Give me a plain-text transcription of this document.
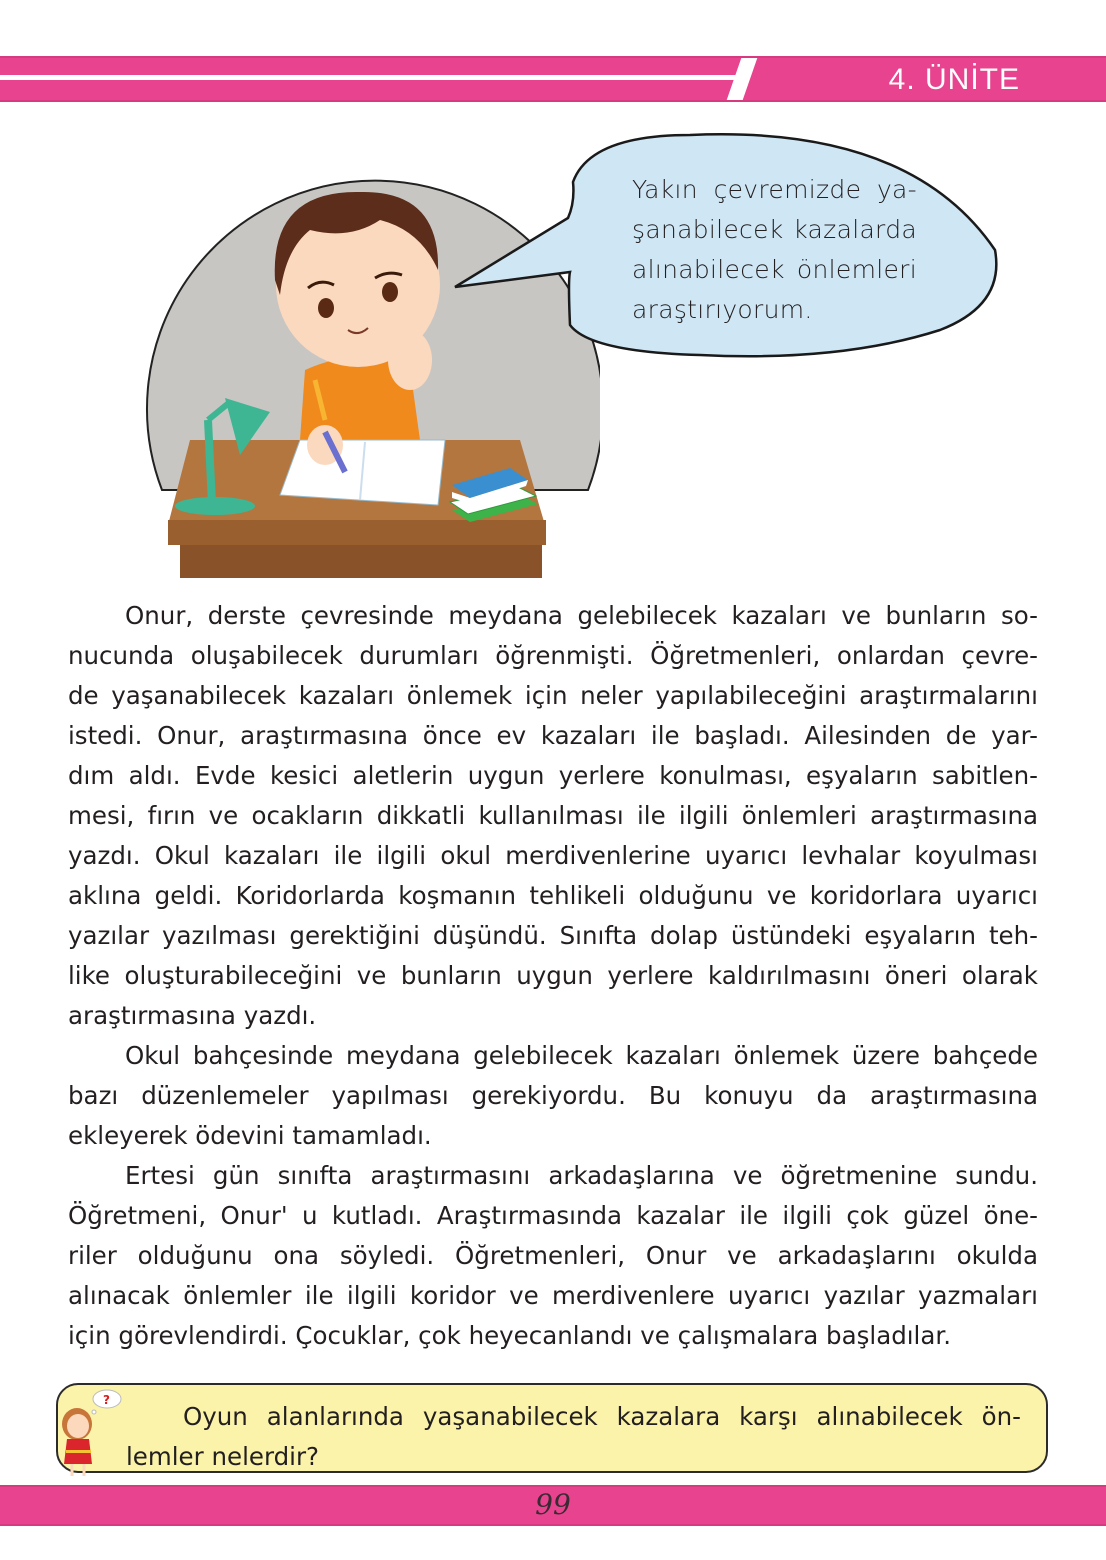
4. ÜNİTE
Yakın çevremizde ya-
şanabilecek kazalarda
alınabilecek önlemleri
araştırıyorum.
Onur, derste çevresinde meydana gelebilecek kazaları ve bunların so-
nucunda oluşabilecek durumları öğrenmişti. Öğretmenleri, onlardan çevre-
de yaşanabilecek kazaları önlemek için neler yapılabileceğini araştırmalarını
istedi. Onur, araştırmasına önce ev kazaları ile başladı. Ailesinden de yar-
dım aldı. Evde kesici aletlerin uygun yerlere konulması, eşyaların sabitlen-
mesi, fırın ve ocakların dikkatli kullanılması ile ilgili önlemleri araştırmasına
yazdı. Okul kazaları ile ilgili okul merdivenlerine uyarıcı levhalar koyulması
aklına geldi. Koridorlarda koşmanın tehlikeli olduğunu ve koridorlara uyarıcı
yazılar yazılması gerektiğini düşündü. Sınıfta dolap üstündeki eşyaların teh-
like oluşturabileceğini ve bunların uygun yerlere kaldırılmasını öneri olarak
araştırmasına yazdı.
Okul bahçesinde meydana gelebilecek kazaları önlemek üzere bahçede
bazı düzenlemeler yapılması gerekiyordu. Bu konuyu da araştırmasına
ekleyerek ödevini tamamladı.
Ertesi gün sınıfta araştırmasını arkadaşlarına ve öğretmenine sundu.
Öğretmeni, Onur' u kutladı. Araştırmasında kazalar ile ilgili çok güzel öne-
riler olduğunu ona söyledi. Öğretmenleri, Onur ve arkadaşlarını okulda
alınacak önlemler ile ilgili koridor ve merdivenlere uyarıcı yazılar yazmaları
için görevlendirdi. Çocuklar, çok heyecanlandı ve çalışmalara başladılar.
?
Oyun alanlarında yaşanabilecek kazalara karşı alınabilecek ön-
lemler nelerdir?
99
